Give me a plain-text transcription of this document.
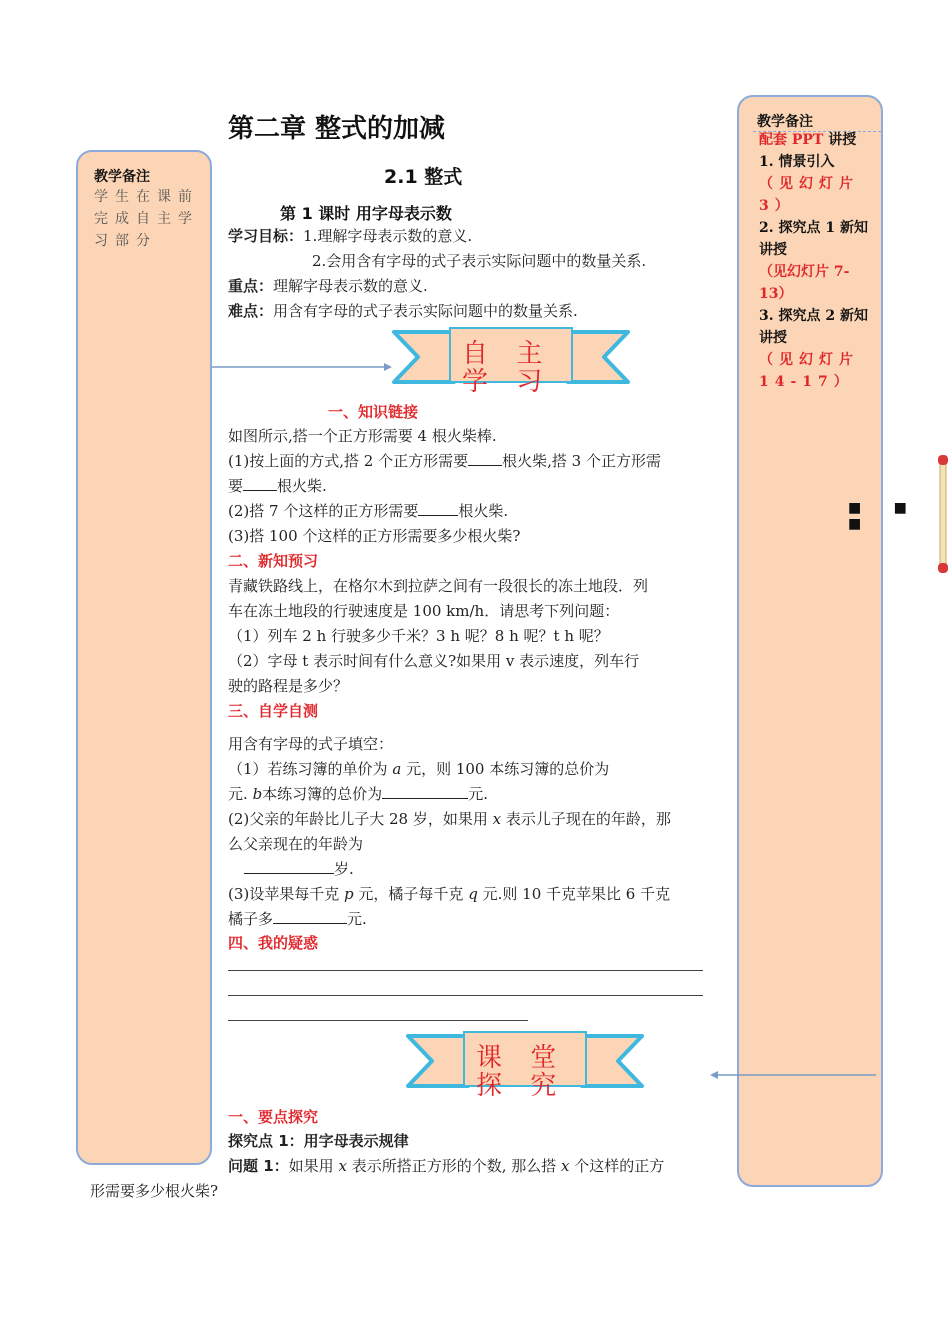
教学备注
学生在课前完成自主学习部分
教学备注
配套 PPT 讲授
1. 情景引入
（见幻灯片 3）
2. 探究点 1 新知讲授
（见幻灯片 7-13）
3. 探究点 2 新知讲授
（见幻灯片 14-17）
■ ■ ■
第二章 整式的加减
2.1 整式
第 1 课时 用字母表示数
学习目标：1.理解字母表示数的意义.
2.会用含有字母的式子表示实际问题中的数量关系.
重点：理解字母表示数的意义.
难点：用含有字母的式子表示实际问题中的数量关系.
自 主 学 习
一、知识链接
如图所示,搭一个正方形需要 4 根火柴棒.
(1)按上面的方式,搭 2 个正方形需要 根火柴,搭 3 个正方形需
要 根火柴.
(2)搭 7 个这样的正方形需要	根火柴.
(3)搭 100 个这样的正方形需要多少根火柴?
二、新知预习
青藏铁路线上，在格尔木到拉萨之间有一段很长的冻土地段．列
车在冻土地段的行驶速度是 100 km/h．请思考下列问题：
（1）列车 2 h 行驶多少千米？3 h 呢？8 h 呢？t h 呢？
（2）字母 t 表示时间有什么意义?如果用 v 表示速度，列车行
驶的路程是多少？
三、自学自测
用含有字母的式子填空：
（1）若练习簿的单价为 a 元，则 100 本练习簿的总价为
元. b本练习簿的总价为	元.
(2)父亲的年龄比儿子大 28 岁，如果用 x 表示儿子现在的年龄，那
么父亲现在的年龄为
岁.
(3)设苹果每千克 p 元，橘子每千克 q 元.则 10 千克苹果比 6 千克
橘子多	元.
四、我的疑惑
课 堂 探 究
一、要点探究
探究点 1：用字母表示规律
问题 1：如果用 x 表示所搭正方形的个数, 那么搭 x 个这样的正方
形需要多少根火柴?
